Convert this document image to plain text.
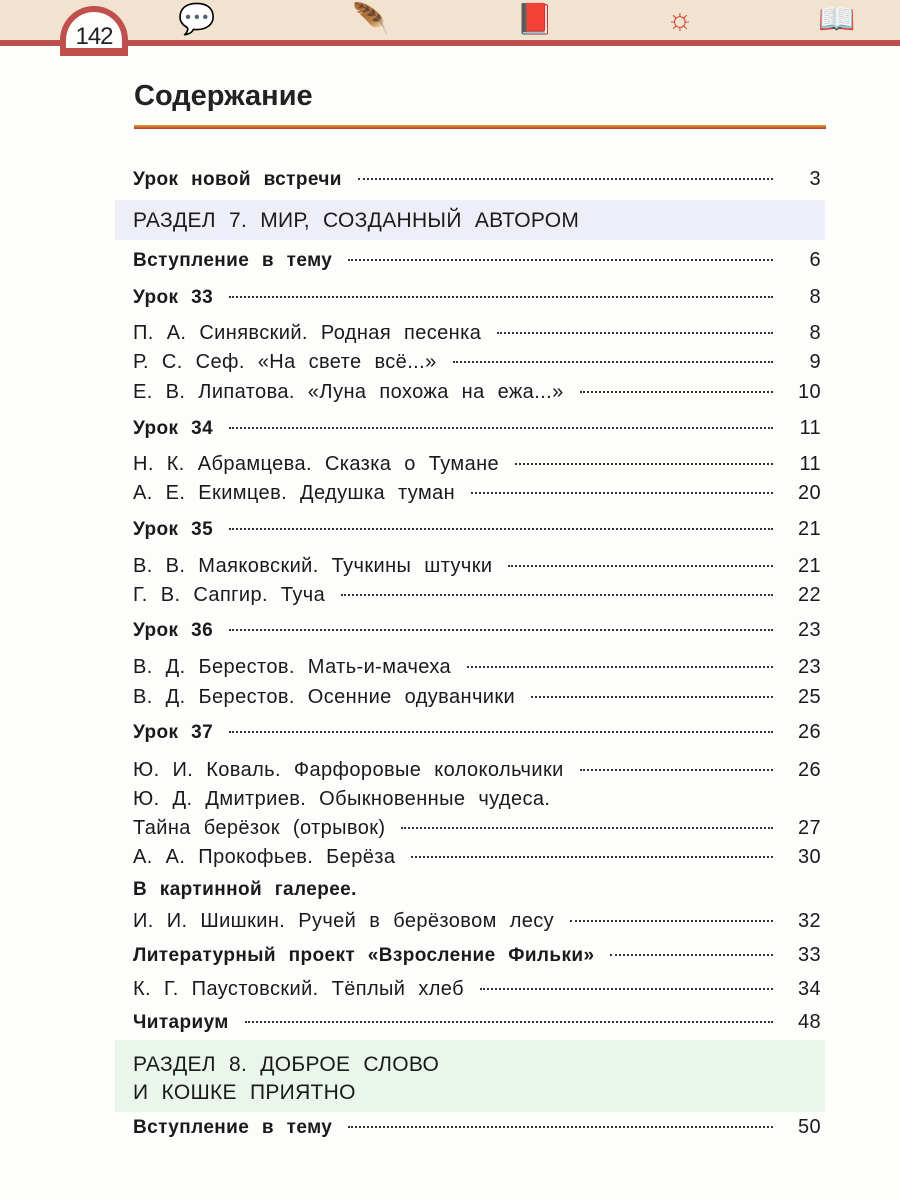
142
💬	🪶	📕	☼	📖
Содержание
РАЗДЕЛ 7. МИР, СОЗДАННЫЙ АВТОРОМ
РАЗДЕЛ 8. ДОБРОЕ СЛОВО
И КОШКЕ ПРИЯТНО
Урок новой встречи	3
Вступление в тему	6
Урок 33	8
П. А. Синявский. Родная песенка	8
Р. С. Сеф. «На свете всё...»	9
Е. В. Липатова. «Луна похожа на ежа...»	10
Урок 34	11
Н. К. Абрамцева. Сказка о Тумане	11
А. Е. Екимцев. Дедушка туман	20
Урок 35	21
В. В. Маяковский. Тучкины штучки	21
Г. В. Сапгир. Туча	22
Урок 36	23
В. Д. Берестов. Мать-и-мачеха	23
В. Д. Берестов. Осенние одуванчики	25
Урок 37	26
Ю. И. Коваль. Фарфоровые колокольчики	26
Ю. Д. Дмитриев. Обыкновенные чудеса.
Тайна берёзок (отрывок)	27
А. А. Прокофьев. Берёза	30
В картинной галерее.
И. И. Шишкин. Ручей в берёзовом лесу	32
Литературный проект «Взросление Фильки»	33
К. Г. Паустовский. Тёплый хлеб	34
Читариум	48
Вступление в тему	50
